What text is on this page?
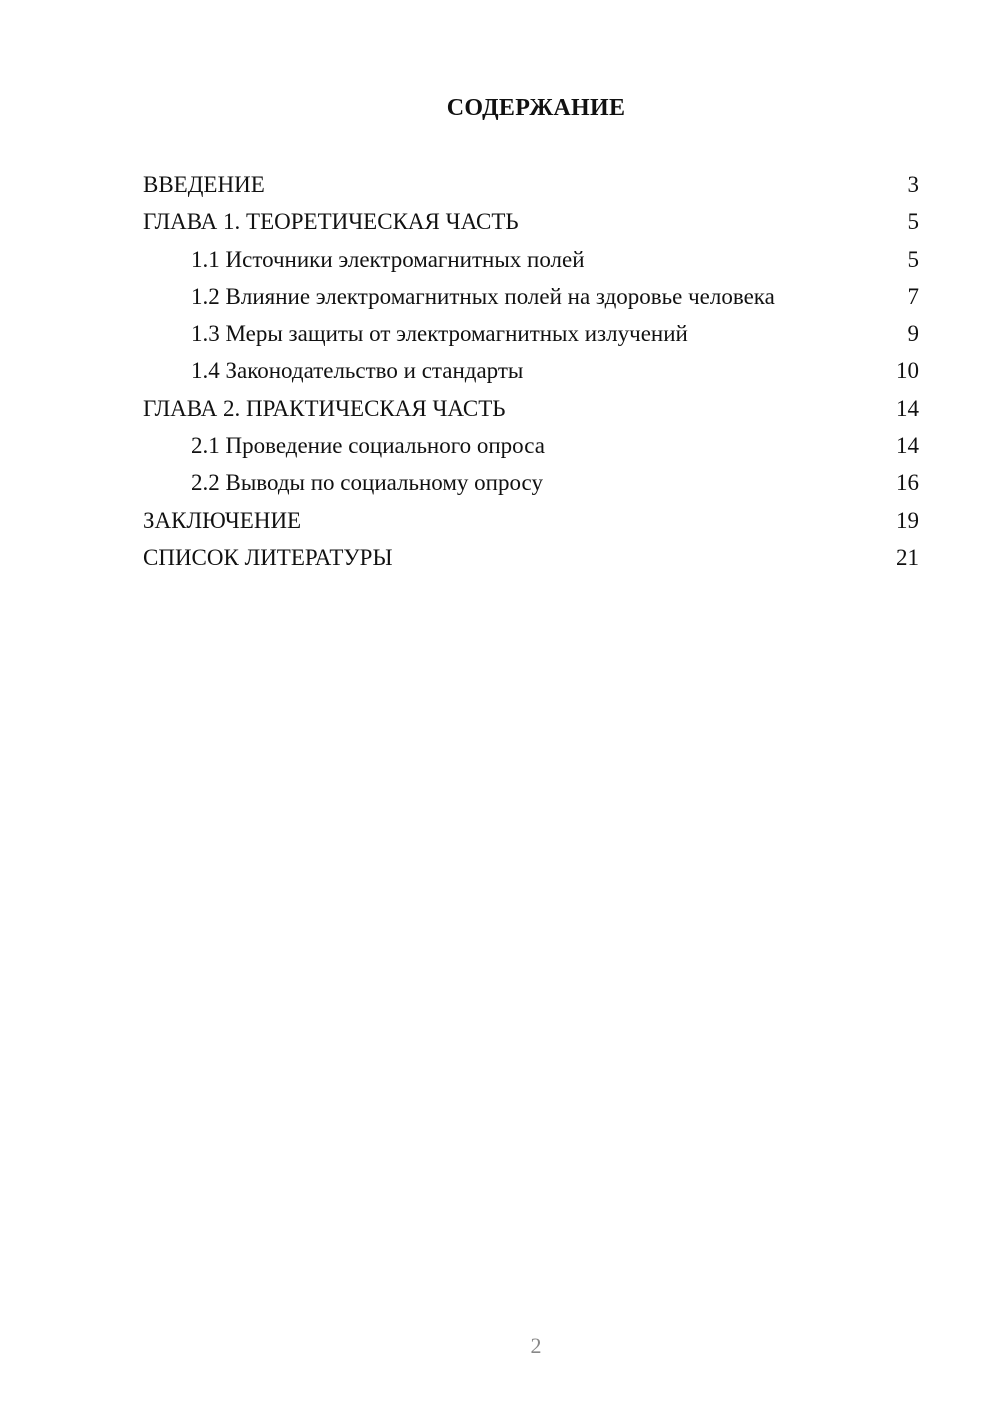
СОДЕРЖАНИЕ
ВВЕДЕНИЕ	3
ГЛАВА 1. ТЕОРЕТИЧЕСКАЯ ЧАСТЬ	5
1.1 Источники электромагнитных полей	5
1.2 Влияние электромагнитных полей на здоровье человека	7
1.3 Меры защиты от электромагнитных излучений	9
1.4 Законодательство и стандарты	10
ГЛАВА 2. ПРАКТИЧЕСКАЯ ЧАСТЬ	14
2.1 Проведение социального опроса	14
2.2 Выводы по социальному опросу	16
ЗАКЛЮЧЕНИЕ	19
СПИСОК ЛИТЕРАТУРЫ	21
2
